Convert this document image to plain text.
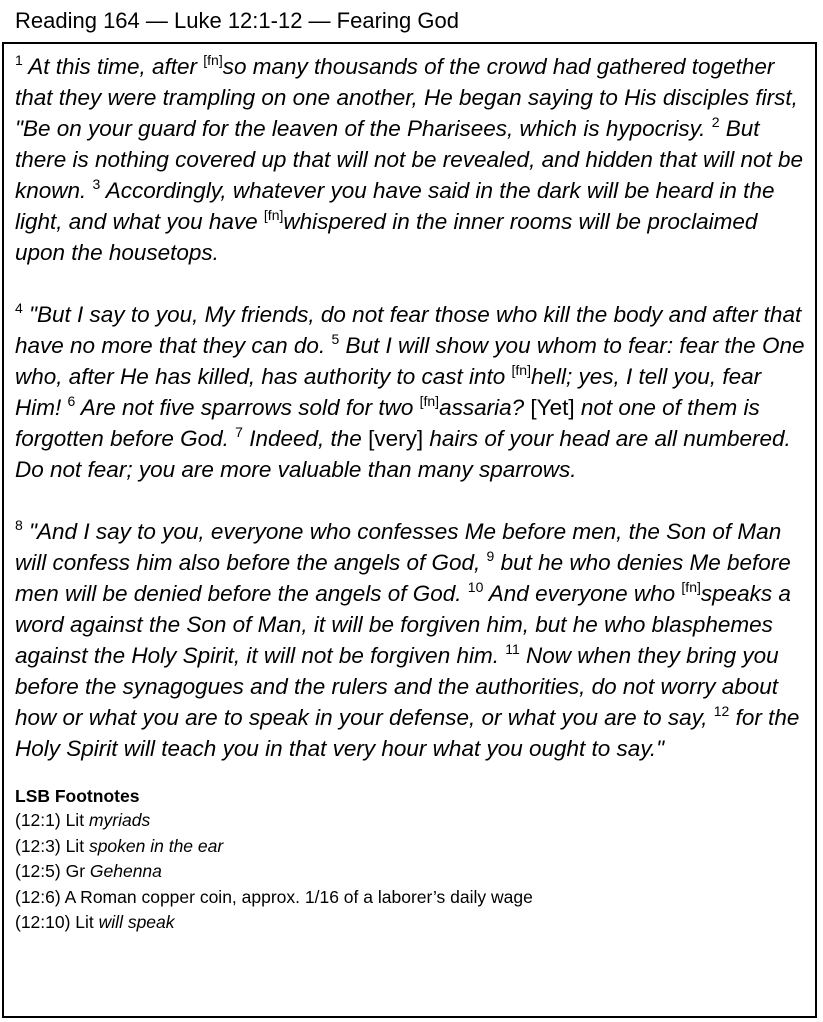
Reading 164 — Luke 12:1-12 — Fearing God

$^1$ At this time, after [fn]so many thousands of the crowd had gathered together that they were trampling on one another, He began saying to His disciples first, "Be on your guard for the leaven of the Pharisees, which is hypocrisy. $^2$ But there is nothing covered up that will not be revealed, and hidden that will not be known. $^3$ Accordingly, whatever you have said in the dark will be heard in the light, and what you have [fn]whispered in the inner rooms will be proclaimed upon the housetops.

$^4$ "But I say to you, My friends, do not fear those who kill the body and after that have no more that they can do. $^5$ But I will show you whom to fear: fear the One who, after He has killed, has authority to cast into [fn]hell; yes, I tell you, fear Him! $^6$ Are not five sparrows sold for two [fn]assaria? [Yet] not one of them is forgotten before God. $^7$ Indeed, the [very] hairs of your head are all numbered. Do not fear; you are more valuable than many sparrows.

$^8$ "And I say to you, everyone who confesses Me before men, the Son of Man will confess him also before the angels of God, $^9$ but he who denies Me before men will be denied before the angels of God. $^{10}$ And everyone who [fn]speaks a word against the Son of Man, it will be forgiven him, but he who blasphemes against the Holy Spirit, it will not be forgiven him. $^{11}$ Now when they bring you before the synagogues and the rulers and the authorities, do not worry about how or what you are to speak in your defense, or what you are to say, $^{12}$ for the Holy Spirit will teach you in that very hour what you ought to say."

LSB Footnotes

(12:1) Lit myriads

(12:3) Lit spoken in the ear

(12:5) Gr Gehenna

(12:6) A Roman copper coin, approx. 1/16 of a laborer’s daily wage

(12:10) Lit will speak
